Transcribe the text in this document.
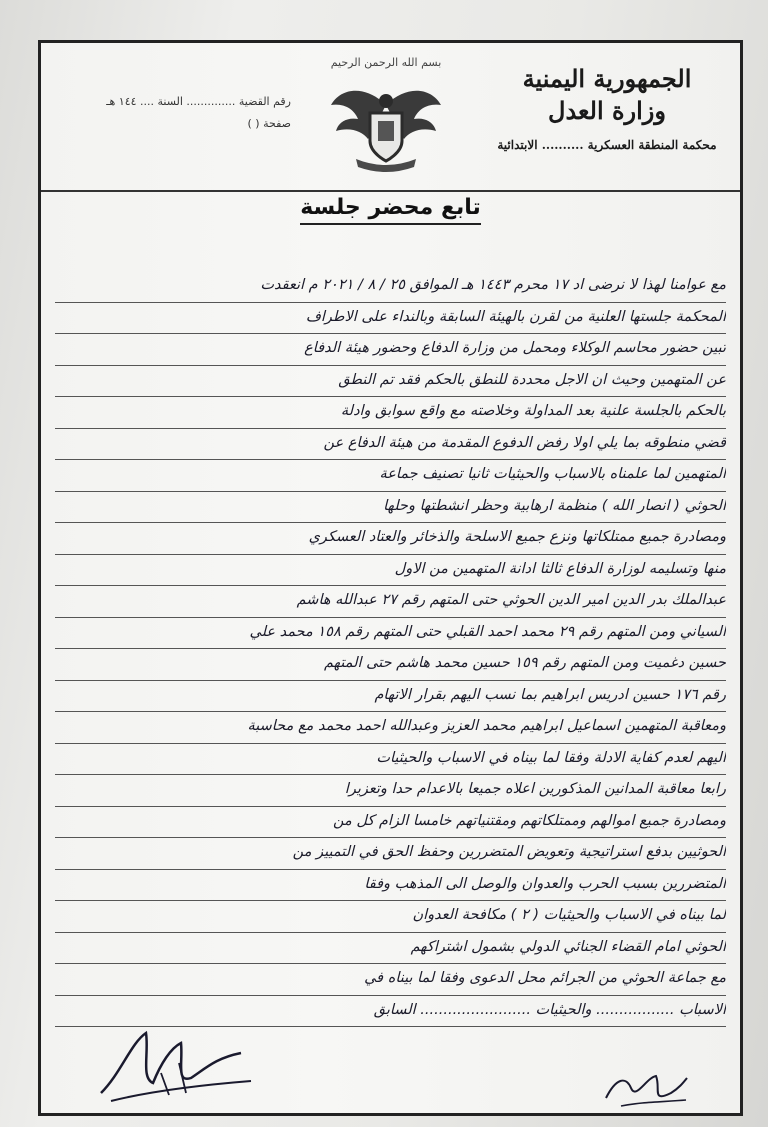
الجمهورية اليمنية
وزارة العدل
محكمة المنطقة العسكرية .......... الابتدائية
بسم الله الرحمن الرحيم
رقم القضية .............. السنة .... ١٤٤ هـ
صفحة ( )
تابع محضر جلسة
مع عوامنا لهذا لا نرضى اد ١٧ محرم ١٤٤٣ هـ الموافق ٢٥ / ٨ / ٢٠٢١ م انعقدت
المحكمة جلستها العلنية من لقرن بالهيئة السابقة وبالنداء على الاطراف
تبين حضور محاسم الوكلاء ومحمل من وزارة الدفاع وحضور هيئة الدفاع
عن المتهمين وحيث ان الاجل محددة للنطق بالحكم فقد تم النطق
بالحكم بالجلسة علنية بعد المداولة وخلاصته مع واقع سوابق وادلة
قضي منطوقه بما يلي اولا رفض الدفوع المقدمة من هيئة الدفاع عن
المتهمين لما علمناه بالاسباب والحيثيات ثانيا تصنيف جماعة
الحوثي ( انصار الله ) منظمة ارهابية وحظر انشطتها وحلها
ومصادرة جميع ممتلكاتها ونزع جميع الاسلحة والذخائر والعتاد العسكري
منها وتسليمه لوزارة الدفاع ثالثا ادانة المتهمين من الاول
عبدالملك بدر الدين امير الدين الحوثي حتى المتهم رقم ٢٧ عبدالله هاشم
السياني ومن المتهم رقم ٢٩ محمد احمد القبلي حتى المتهم رقم ١٥٨ محمد علي
حسين دغميت ومن المتهم رقم ١٥٩ حسين محمد هاشم حتى المتهم
رقم ١٧٦ حسين ادريس ابراهيم بما نسب اليهم بقرار الاتهام
ومعاقبة المتهمين اسماعيل ابراهيم محمد العزيز وعبدالله احمد محمد مع محاسبة
اليهم لعدم كفاية الادلة وفقا لما بيناه في الاسباب والحيثيات
رابعا معاقبة المدانين المذكورين اعلاه جميعا بالاعدام حدا وتعزيرا
ومصادرة جميع اموالهم وممتلكاتهم ومقتنياتهم خامسا الزام كل من
الحوثيين بدفع استراتيجية وتعويض المتضررين وحفظ الحق في التمييز من
المتضررين بسبب الحرب والعدوان والوصل الى المذهب وفقا
لما بيناه في الاسباب والحيثيات ( ٢ ) مكافحة العدوان
الحوثي امام القضاء الجنائي الدولي بشمول اشتراكهم
مع جماعة الحوثي من الجرائم محل الدعوى وفقا لما بيناه في
الاسباب ................. والحيثيات ........................ السابق
